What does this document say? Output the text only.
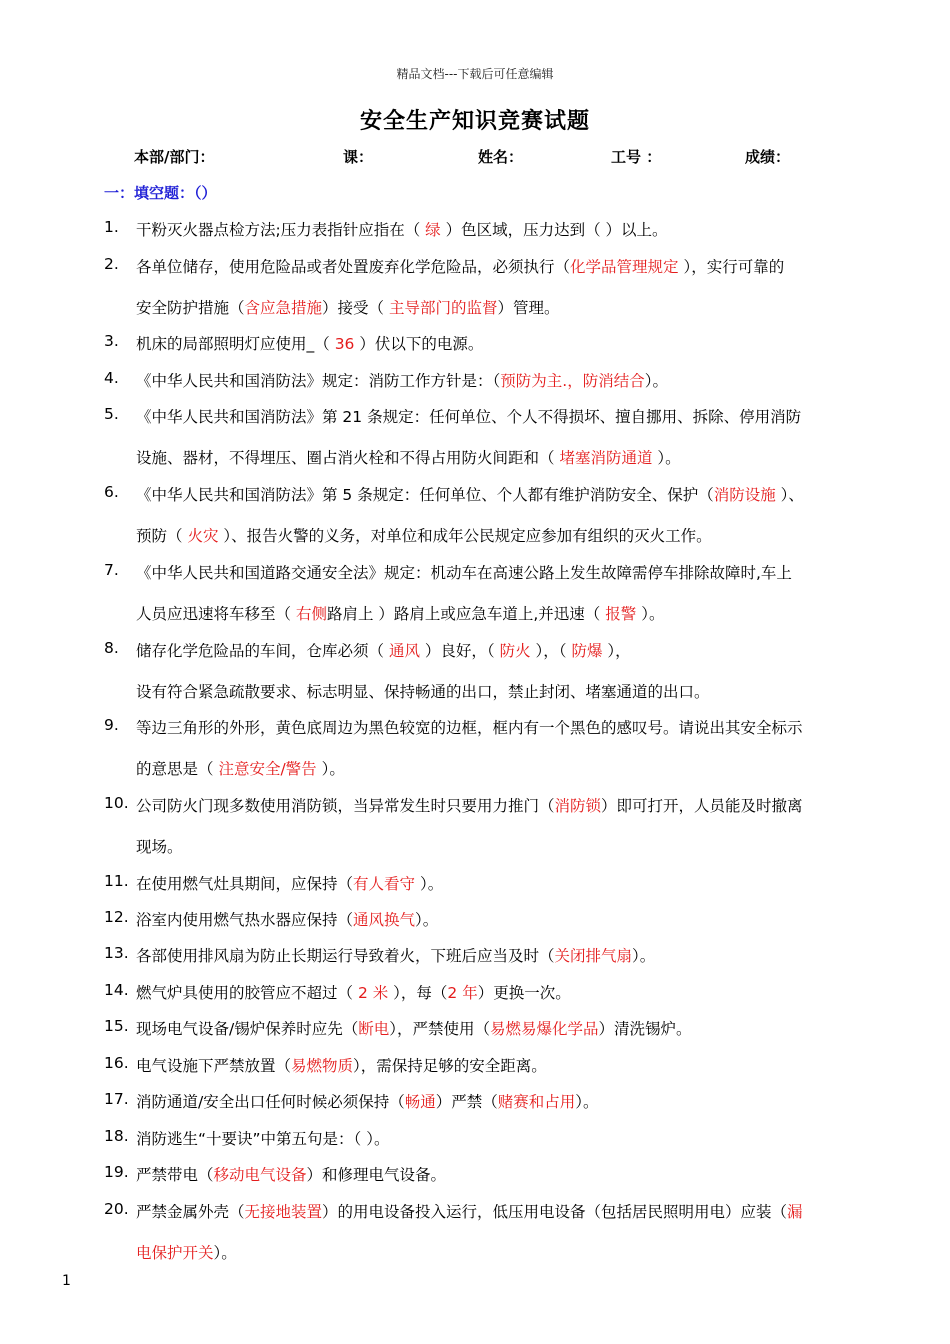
精品文档---下载后可任意编辑
安全生产知识竞赛试题
本部/部门：	课：	姓名：	工号 ：	成绩：
一：填空题：（）
1. 干粉灭火器点检方法;压力表指针应指在（ 绿 ）色区域，压力达到（ ）以上。
2. 各单位储存，使用危险品或者处置废弃化学危险品，必须执行（化学品管理规定 ），实行可靠的
安全防护措施（含应急措施）接受（ 主导部门的监督）管理。
3. 机床的局部照明灯应使用_（ 36 ）伏以下的电源。
4. 《中华人民共和国消防法》规定：消防工作方针是：（预防为主.，防消结合）。
5. 《中华人民共和国消防法》第 21 条规定：任何单位、个人不得损坏、擅自挪用、拆除、停用消防
设施、器材，不得埋压、圈占消火栓和不得占用防火间距和（ 堵塞消防通道 ）。
6. 《中华人民共和国消防法》第 5 条规定：任何单位、个人都有维护消防安全、保护（消防设施 ）、
预防（ 火灾 ）、报告火警的义务，对单位和成年公民规定应参加有组织的灭火工作。
7. 《中华人民共和国道路交通安全法》规定：机动车在高速公路上发生故障需停车排除故障时,车上
人员应迅速将车移至（ 右侧路肩上 ）路肩上或应急车道上,并迅速（ 报警 ）。
8. 储存化学危险品的车间，仓库必须（ 通风 ）良好，（ 防火 ），（ 防爆 ），
设有符合紧急疏散要求、标志明显、保持畅通的出口，禁止封闭、堵塞通道的出口。
9. 等边三角形的外形，黄色底周边为黑色较宽的边框，框内有一个黑色的感叹号。请说出其安全标示
的意思是（ 注意安全/警告 ）。
10. 公司防火门现多数使用消防锁，当异常发生时只要用力推门（消防锁）即可打开，人员能及时撤离
现场。
11. 在使用燃气灶具期间，应保持（有人看守 ）。
12. 浴室内使用燃气热水器应保持（通风换气）。
13. 各部使用排风扇为防止长期运行导致着火，下班后应当及时（关闭排气扇）。
14. 燃气炉具使用的胶管应不超过（ 2 米 ），每（2 年）更换一次。
15. 现场电气设备/锡炉保养时应先（断电），严禁使用（易燃易爆化学品）清洗锡炉。
16. 电气设施下严禁放置（易燃物质），需保持足够的安全距离。
17. 消防通道/安全出口任何时候必须保持（畅通）严禁（赌赛和占用）。
18. 消防逃生“十要诀”中第五句是：（ ）。
19. 严禁带电（移动电气设备）和修理电气设备。
20. 严禁金属外壳（无接地装置）的用电设备投入运行，低压用电设备（包括居民照明用电）应装（漏
电保护开关）。
1
